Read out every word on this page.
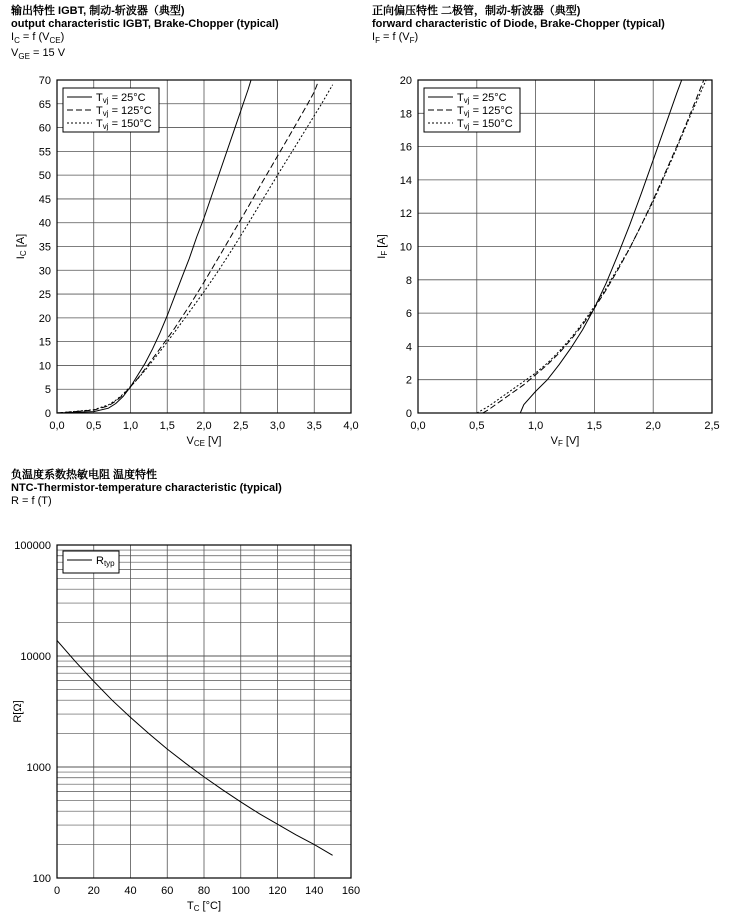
输出特性 IGBT, 制动-斩波器（典型)
output characteristic IGBT, Brake-Chopper (typical)
$I_C = f$ $(V_{CE})$
$V_{GE} = 15$ V
正向偏压特性 二极管，制动-斩波器（典型)
forward characteristic of Diode, Brake-Chopper (typical)
$I_F = f$ $(V_F)$
负温度系数热敏电阻 温度特性
NTC-Thermistor-temperature characteristic (typical)
R = f (T)
0,0 0,5 1,0 1,5 2,0 2,5 3,0 3,5 4,0
0
5
10
15
20
25
30
35
40
45
50
55
60
65
70
VCE [V]
IC [A]
Tvj = 25°C
Tvj = 125°C
Tvj = 150°C
0,0	0,5	1,0	1,5	2,0	2,5
0
2
4
6
8
10
12
14
16
18
20
VF [V]
IF [A]
Tvj = 25°C
Tvj = 125°C
Tvj = 150°C
0	20 40 60 80 100 120 140 160
100
1000
10000
100000
TC [°C]
R[Ω]
Rtyp
